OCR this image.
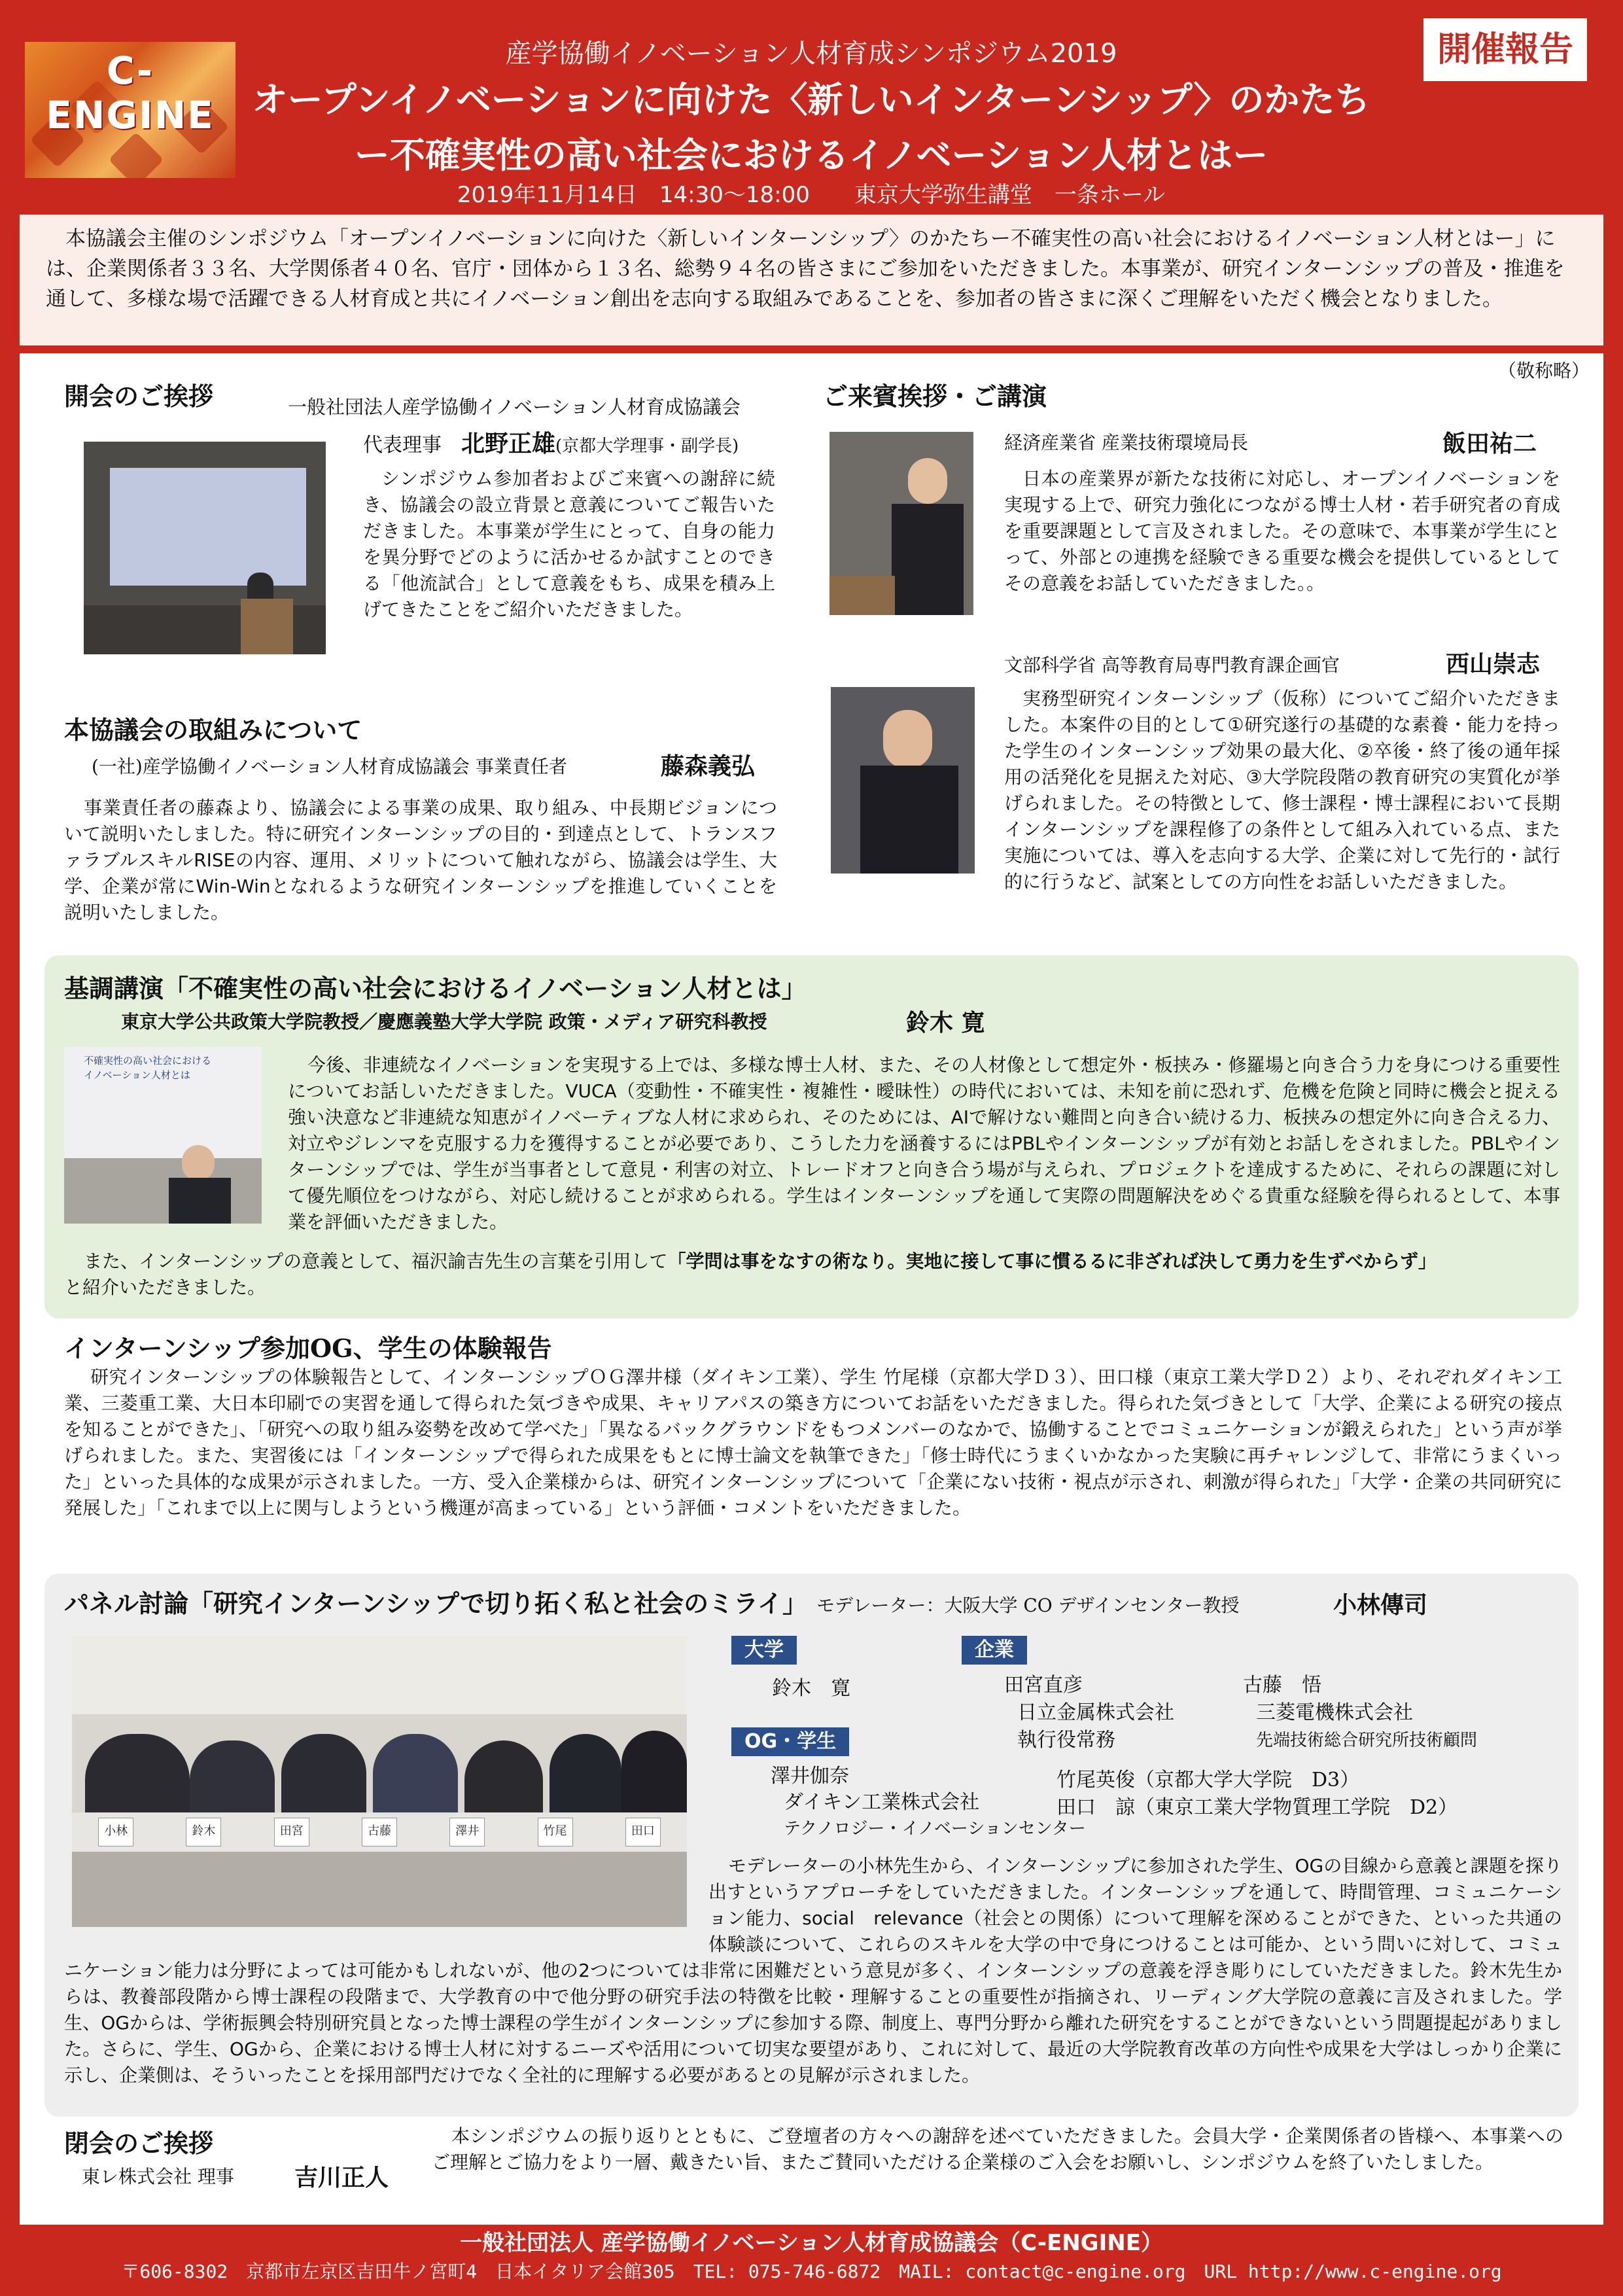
C-ENGINE
開催報告
産学協働イノベーション人材育成シンポジウム2019
オープンイノベーションに向けた〈新しいインターンシップ〉のかたち
ー不確実性の高い社会におけるイノベーション人材とはー
2019年11月14日　14:30～18:00　　東京大学弥生講堂　一条ホール
本協議会主催のシンポジウム「オープンイノベーションに向けた〈新しいインターンシップ〉のかたちー不確実性の高い社会におけるイノベーション人材とはー」には、企業関係者３３名、大学関係者４０名、官庁・団体から１３名、総勢９４名の皆さまにご参加をいただきました。本事業が、研究インターンシップの普及・推進を通して、多様な場で活躍できる人材育成と共にイノベーション創出を志向する取組みであることを、参加者の皆さまに深くご理解をいただく機会となりました。
（敬称略）
開会のご挨拶	一般社団法人産学協働イノベーション人材育成協議会
代表理事　 北野正雄(京都大学理事・副学長)
シンポジウム参加者およびご来賓への謝辞に続き、協議会の設立背景と意義についてご報告いただきました。本事業が学生にとって、自身の能力を異分野でどのように活かせるか試すことのできる「他流試合」として意義をもち、成果を積み上げてきたことをご紹介いただきました。
本協議会の取組みについて
(一社)産学協働イノベーション人材育成協議会 事業責任者	藤森義弘
事業責任者の藤森より、協議会による事業の成果、取り組み、中長期ビジョンについて説明いたしました。特に研究インターンシップの目的・到達点として、トランスファラブルスキルRISEの内容、運用、メリットについて触れながら、協議会は学生、大学、企業が常にWin-Winとなれるような研究インターンシップを推進していくことを説明いたしました。
ご来賓挨拶・ご講演
経済産業省 産業技術環境局長	飯田祐二
日本の産業界が新たな技術に対応し、オープンイノベーションを実現する上で、研究力強化につながる博士人材・若手研究者の育成を重要課題として言及されました。その意味で、本事業が学生にとって、外部との連携を経験できる重要な機会を提供しているとしてその意義をお話していただきました。。
文部科学省 高等教育局専門教育課企画官	西山崇志
実務型研究インターンシップ（仮称）についてご紹介いただきました。本案件の目的として①研究遂行の基礎的な素養・能力を持った学生のインターンシップ効果の最大化、②卒後・終了後の通年採用の活発化を見据えた対応、③大学院段階の教育研究の実質化が挙げられました。その特徴として、修士課程・博士課程において長期インターンシップを課程修了の条件として組み入れている点、また実施については、導入を志向する大学、企業に対して先行的・試行的に行うなど、試案としての方向性をお話しいただきました。
基調講演「不確実性の高い社会におけるイノベーション人材とは」
東京大学公共政策大学院教授／慶應義塾大学大学院 政策・メディア研究科教授	鈴木 寛
不確実性の高い社会における イノベーション人材とは	今後、非連続なイノベーションを実現する上では、多様な博士人材、また、その人材像として想定外・板挟み・修羅場と向き合う力を身につける重要性についてお話しいただきました。VUCA（変動性・不確実性・複雑性・曖昧性）の時代においては、未知を前に恐れず、危機を危険と同時に機会と捉える強い決意など非連続な知恵がイノベーティブな人材に求められ、そのためには、AIで解けない難問と向き合い続ける力、板挟みの想定外に向き合える力、対立やジレンマを克服する力を獲得することが必要であり、こうした力を涵養するにはPBLやインターンシップが有効とお話しをされました。PBLやインターンシップでは、学生が当事者として意見・利害の対立、トレードオフと向き合う場が与えられ、プロジェクトを達成するために、それらの課題に対して優先順位をつけながら、対応し続けることが求められる。学生はインターンシップを通して実際の問題解決をめぐる貴重な経験を得られるとして、本事業を評価いただきました。
また、インターンシップの意義として、福沢諭吉先生の言葉を引用して「学問は事をなすの術なり。実地に接して事に慣るるに非ざれば決して勇力を生ずべからず」
と紹介いただきました。
インターンシップ参加OG、学生の体験報告
研究インターンシップの体験報告として、インターンシップＯＧ澤井様（ダイキン工業）、学生 竹尾様（京都大学Ｄ３）、田口様（東京工業大学Ｄ２）より、それぞれダイキン工業、三菱重工業、大日本印刷での実習を通して得られた気づきや成果、キャリアパスの築き方についてお話をいただきました。得られた気づきとして「大学、企業による研究の接点を知ることができた」、「研究への取り組み姿勢を改めて学べた」「異なるバックグラウンドをもつメンバーのなかで、協働することでコミュニケーションが鍛えられた」という声が挙げられました。また、実習後には「インターンシップで得られた成果をもとに博士論文を執筆できた」「修士時代にうまくいかなかった実験に再チャレンジして、非常にうまくいった」といった具体的な成果が示されました。一方、受入企業様からは、研究インターンシップについて「企業にない技術・視点が示され、刺激が得られた」「大学・企業の共同研究に発展した」「これまで以上に関与しようという機運が高まっている」という評価・コメントをいただきました。
パネル討論「研究インターンシップで切り拓く私と社会のミライ」 モデレーター：大阪大学 CO デザインセンター教授	小林傳司
小林	鈴木	田宮	古藤	澤井	竹尾	田口
大学
鈴木　寛
企業
田宮直彦
日立金属株式会社
執行役常務
古藤　悟
三菱電機株式会社
先端技術総合研究所技術顧問
OG・学生
澤井伽奈
ダイキン工業株式会社
テクノロジー・イノベーションセンター
竹尾英俊（京都大学大学院　D3）
田口　諒（東京工業大学物質理工学院　D2）
モデレーターの小林先生から、インターンシップに参加された学生、OGの目線から意義と課題を探り出すというアプローチをしていただきました。インターンシップを通して、時間管理、コミュニケーション能力、social　relevance（社会との関係）について理解を深めることができた、といった共通の体験談について、これらのスキルを大学の中で身につけることは可能か、という問いに対して、コミュニケーション能力は分野によっては可能かもしれないが、他の2つについては非常に困難だという意見が多く、インターンシップの意義を浮き彫りにしていただきました。鈴木先生からは、教養部段階から博士課程の段階まで、大学教育の中で他分野の研究手法の特徴を比較・理解することの重要性が指摘され、リーディング大学院の意義に言及されました。学生、OGからは、学術振興会特別研究員となった博士課程の学生がインターンシップに参加する際、制度上、専門分野から離れた研究をすることができないという問題提起がありました。さらに、学生、OGから、企業における博士人材に対するニーズや活用について切実な要望があり、これに対して、最近の大学院教育改革の方向性や成果を大学はしっかり企業に示し、企業側は、そういったことを採用部門だけでなく全社的に理解する必要があるとの見解が示されました。
閉会のご挨拶
東レ株式会社 理事	吉川正人
本シンポジウムの振り返りとともに、ご登壇者の方々への謝辞を述べていただきました。会員大学・企業関係者の皆様へ、本事業へのご理解とご協力をより一層、戴きたい旨、またご賛同いただける企業様のご入会をお願いし、シンポジウムを終了いたしました。
一般社団法人 産学協働イノベーション人材育成協議会（C-ENGINE）
〒606-8302　京都市左京区吉田牛ノ宮町4　日本イタリア会館305　TEL: 075-746-6872　MAIL: contact@c-engine.org　URL http://www.c-engine.org
